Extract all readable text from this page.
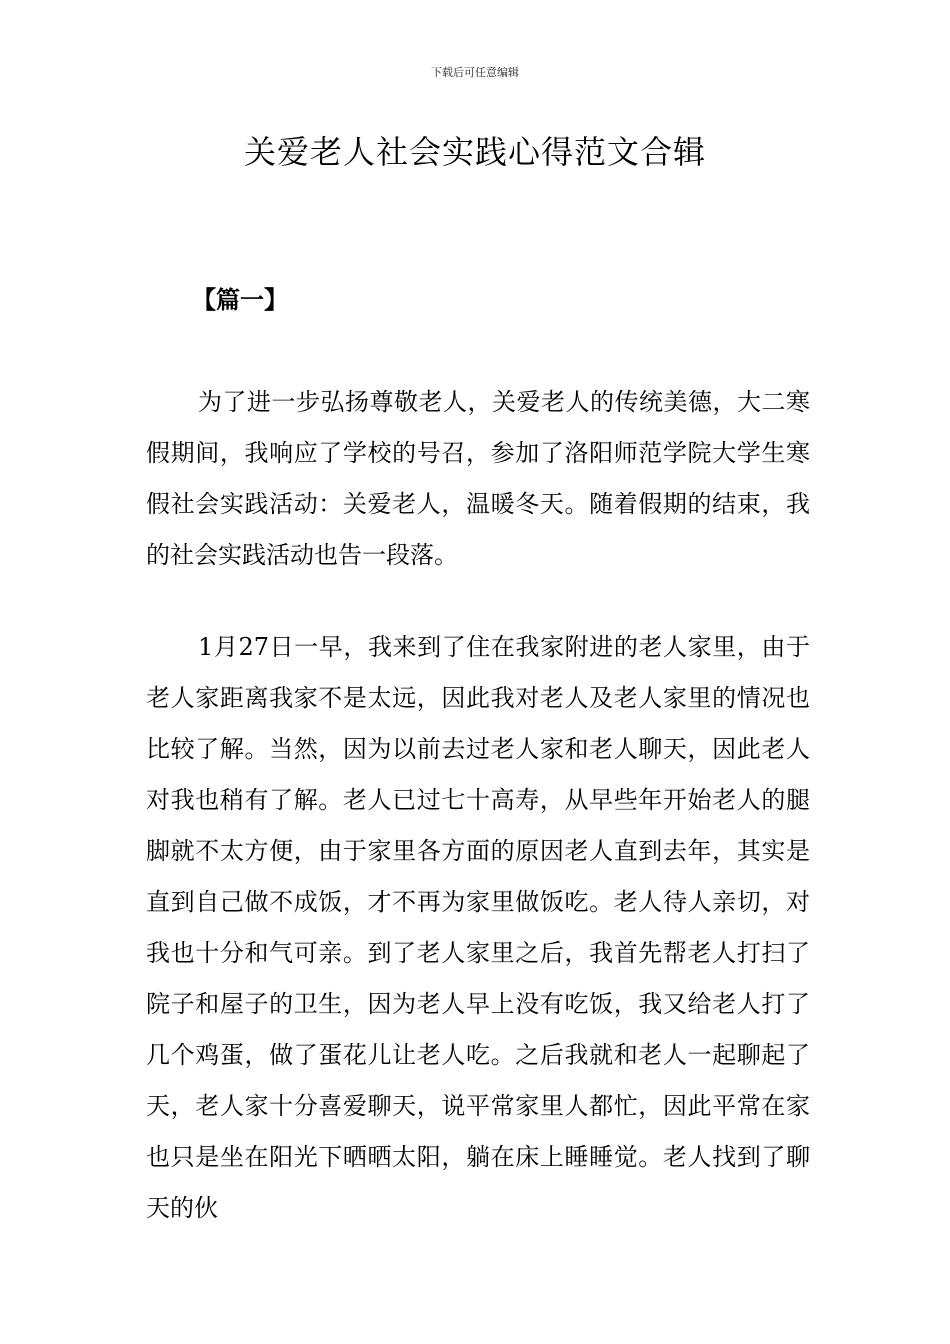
下载后可任意编辑
关爱老人社会实践心得范文合辑
【篇一】

为了进一步弘扬尊敬老人，关爱老人的传统美德，大二寒假期间，我响应了学校的号召，参加了洛阳师范学院大学生寒假社会实践活动：关爱老人，温暖冬天。随着假期的结束，我的社会实践活动也告一段落。

1月27日一早，我来到了住在我家附进的老人家里，由于老人家距离我家不是太远，因此我对老人及老人家里的情况也比较了解。当然，因为以前去过老人家和老人聊天，因此老人对我也稍有了解。老人已过七十高寿，从早些年开始老人的腿脚就不太方便，由于家里各方面的原因老人直到去年，其实是直到自己做不成饭，才不再为家里做饭吃。老人待人亲切，对我也十分和气可亲。到了老人家里之后，我首先帮老人打扫了院子和屋子的卫生，因为老人早上没有吃饭，我又给老人打了几个鸡蛋，做了蛋花儿让老人吃。之后我就和老人一起聊起了天，老人家十分喜爱聊天，说平常家里人都忙，因此平常在家也只是坐在阳光下晒晒太阳，躺在床上睡睡觉。老人找到了聊天的伙
